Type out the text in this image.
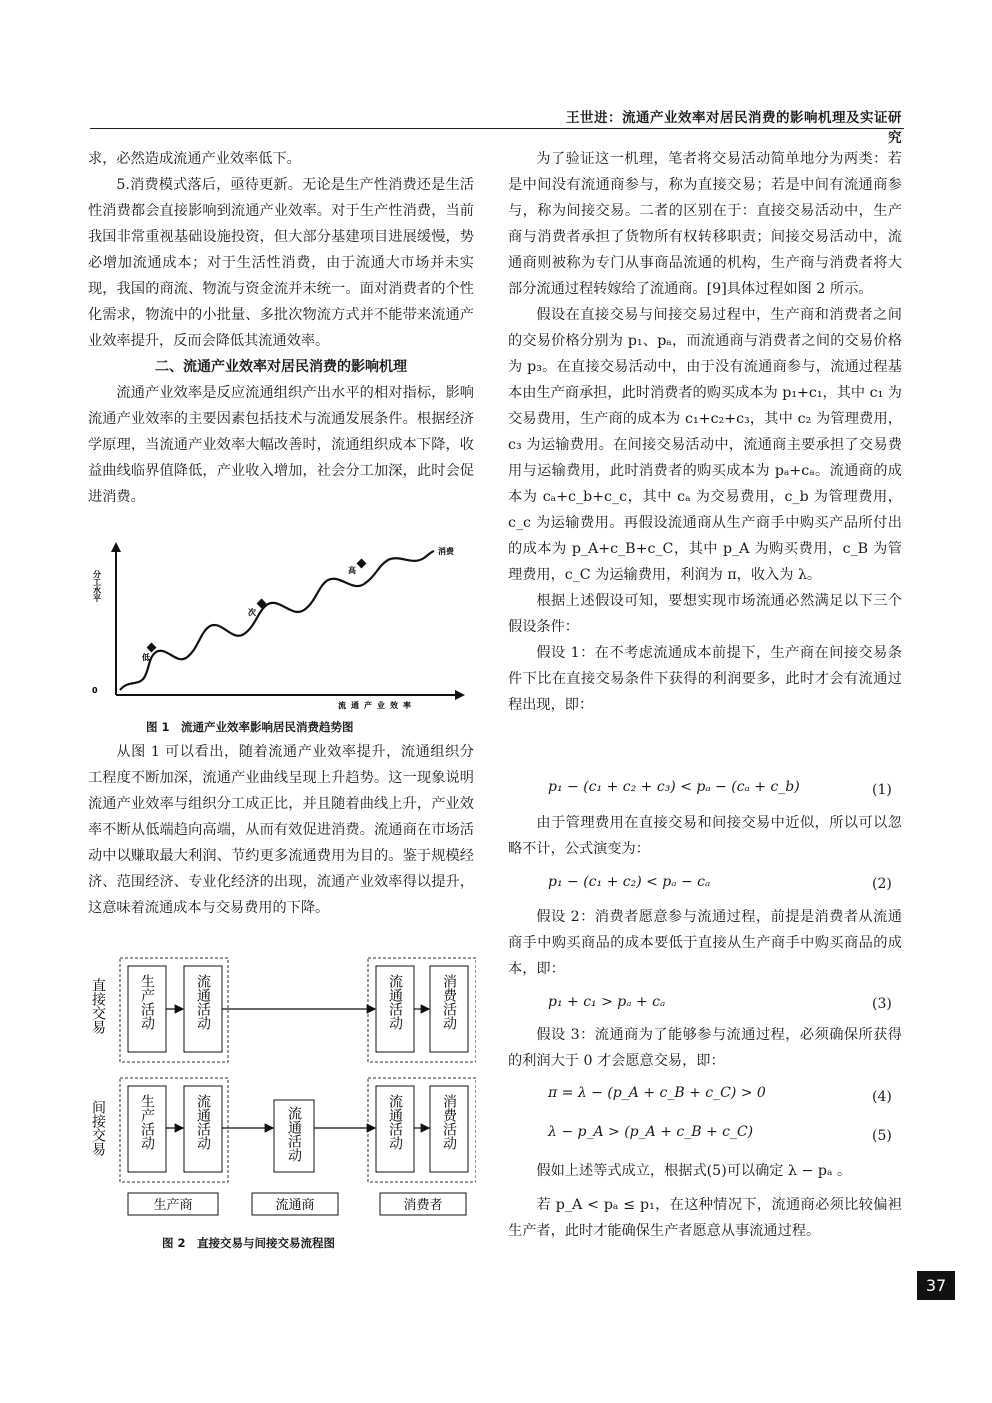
王世进：流通产业效率对居民消费的影响机理及实证研究

求，必然造成流通产业效率低下。

5.消费模式落后，亟待更新。无论是生产性消费还是生活性消费都会直接影响到流通产业效率。对于生产性消费，当前我国非常重视基础设施投资，但大部分基建项目进展缓慢，势必增加流通成本；对于生活性消费，由于流通大市场并未实现，我国的商流、物流与资金流并未统一。面对消费者的个性化需求，物流中的小批量、多批次物流方式并不能带来流通产业效率提升，反而会降低其流通效率。

二、流通产业效率对居民消费的影响机理

流通产业效率是反应流通组织产出水平的相对指标，影响流通产业效率的主要因素包括技术与流通发展条件。根据经济学原理，当流通产业效率大幅改善时，流通组织成本下降，收益曲线临界值降低，产业收入增加，社会分工加深，此时会促进消费。

低
次
高
消费
0
流通产业效率
分工水平
图 1　流通产业效率影响居民消费趋势图

从图 1 可以看出，随着流通产业效率提升，流通组织分工程度不断加深，流通产业曲线呈现上升趋势。这一现象说明流通产业效率与组织分工成正比，并且随着曲线上升，产业效率不断从低端趋向高端，从而有效促进消费。流通商在市场活动中以赚取最大利润、节约更多流通费用为目的。鉴于规模经济、范围经济、专业化经济的出现，流通产业效率得以提升，这意味着流通成本与交易费用的下降。

直接交易
间接交易
生产活动	流通活动	流通活动	消费活动
生产活动	流通活动	流通活动	流通活动	消费活动
生产商	流通商	消费者
图 2　直接交易与间接交易流程图

为了验证这一机理，笔者将交易活动简单地分为两类：若是中间没有流通商参与，称为直接交易；若是中间有流通商参与，称为间接交易。二者的区别在于：直接交易活动中，生产商与消费者承担了货物所有权转移职责；间接交易活动中，流通商则被称为专门从事商品流通的机构，生产商与消费者将大部分流通过程转嫁给了流通商。[9]具体过程如图 2 所示。

假设在直接交易与间接交易过程中，生产商和消费者之间的交易价格分别为 p₁、pₐ，而流通商与消费者之间的交易价格为 p₃。在直接交易活动中，由于没有流通商参与，流通过程基本由生产商承担，此时消费者的购买成本为 p₁+c₁，其中 c₁ 为交易费用，生产商的成本为 c₁+c₂+c₃，其中 c₂ 为管理费用，c₃ 为运输费用。在间接交易活动中，流通商主要承担了交易费用与运输费用，此时消费者的购买成本为 pₐ+cₐ。流通商的成本为 cₐ+c_b+c_c，其中 cₐ 为交易费用，c_b 为管理费用，c_c 为运输费用。再假设流通商从生产商手中购买产品所付出的成本为 p_A+c_B+c_C，其中 p_A 为购买费用，c_B 为管理费用，c_C 为运输费用，利润为 π，收入为 λ。

根据上述假设可知，要想实现市场流通必然满足以下三个假设条件：

假设 1：在不考虑流通成本前提下，生产商在间接交易条件下比在直接交易条件下获得的利润要多，此时才会有流通过程出现，即：

p₁ − (c₁ + c₂ + c₃) < pₐ − (cₐ + c_b)	(1)

由于管理费用在直接交易和间接交易中近似，所以可以忽略不计，公式演变为：

p₁ − (c₁ + c₂) < pₐ − cₐ	(2)

假设 2：消费者愿意参与流通过程，前提是消费者从流通商手中购买商品的成本要低于直接从生产商手中购买商品的成本，即：

p₁ + c₁ > pₐ + cₐ	(3)

假设 3：流通商为了能够参与流通过程，必须确保所获得的利润大于 0 才会愿意交易，即：

π = λ − (p_A + c_B + c_C) > 0	(4)
λ − p_A > (p_A + c_B + c_C)	(5)

假如上述等式成立，根据式(5)可以确定 λ − pₐ 。

若 p_A < pₐ ≤ p₁，在这种情况下，流通商必须比较偏袒生产者，此时才能确保生产者愿意从事流通过程。

37
